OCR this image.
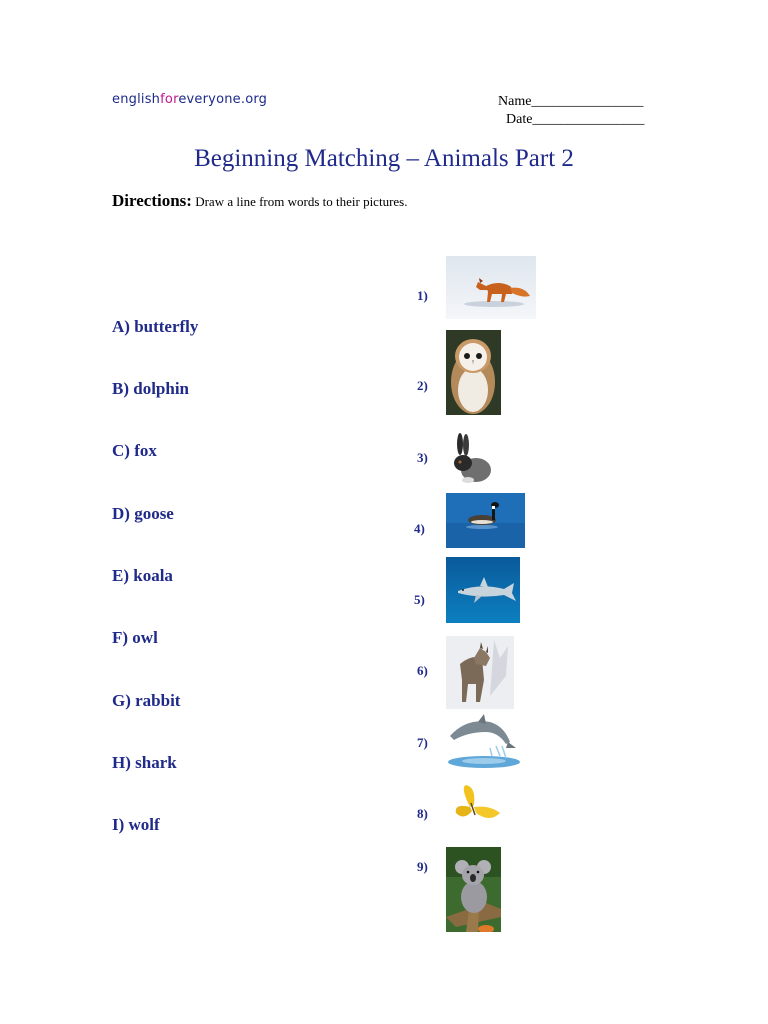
englishforeveryone.org	Name________________
Date________________
Beginning Matching – Animals Part 2
Directions: Draw a line from words to their pictures.
A) butterfly
B) dolphin
C) fox
D) goose
E) koala
F) owl
G) rabbit
H) shark
I) wolf
1)
2)
3)
4)
5)
6)
7)
8)
9)
